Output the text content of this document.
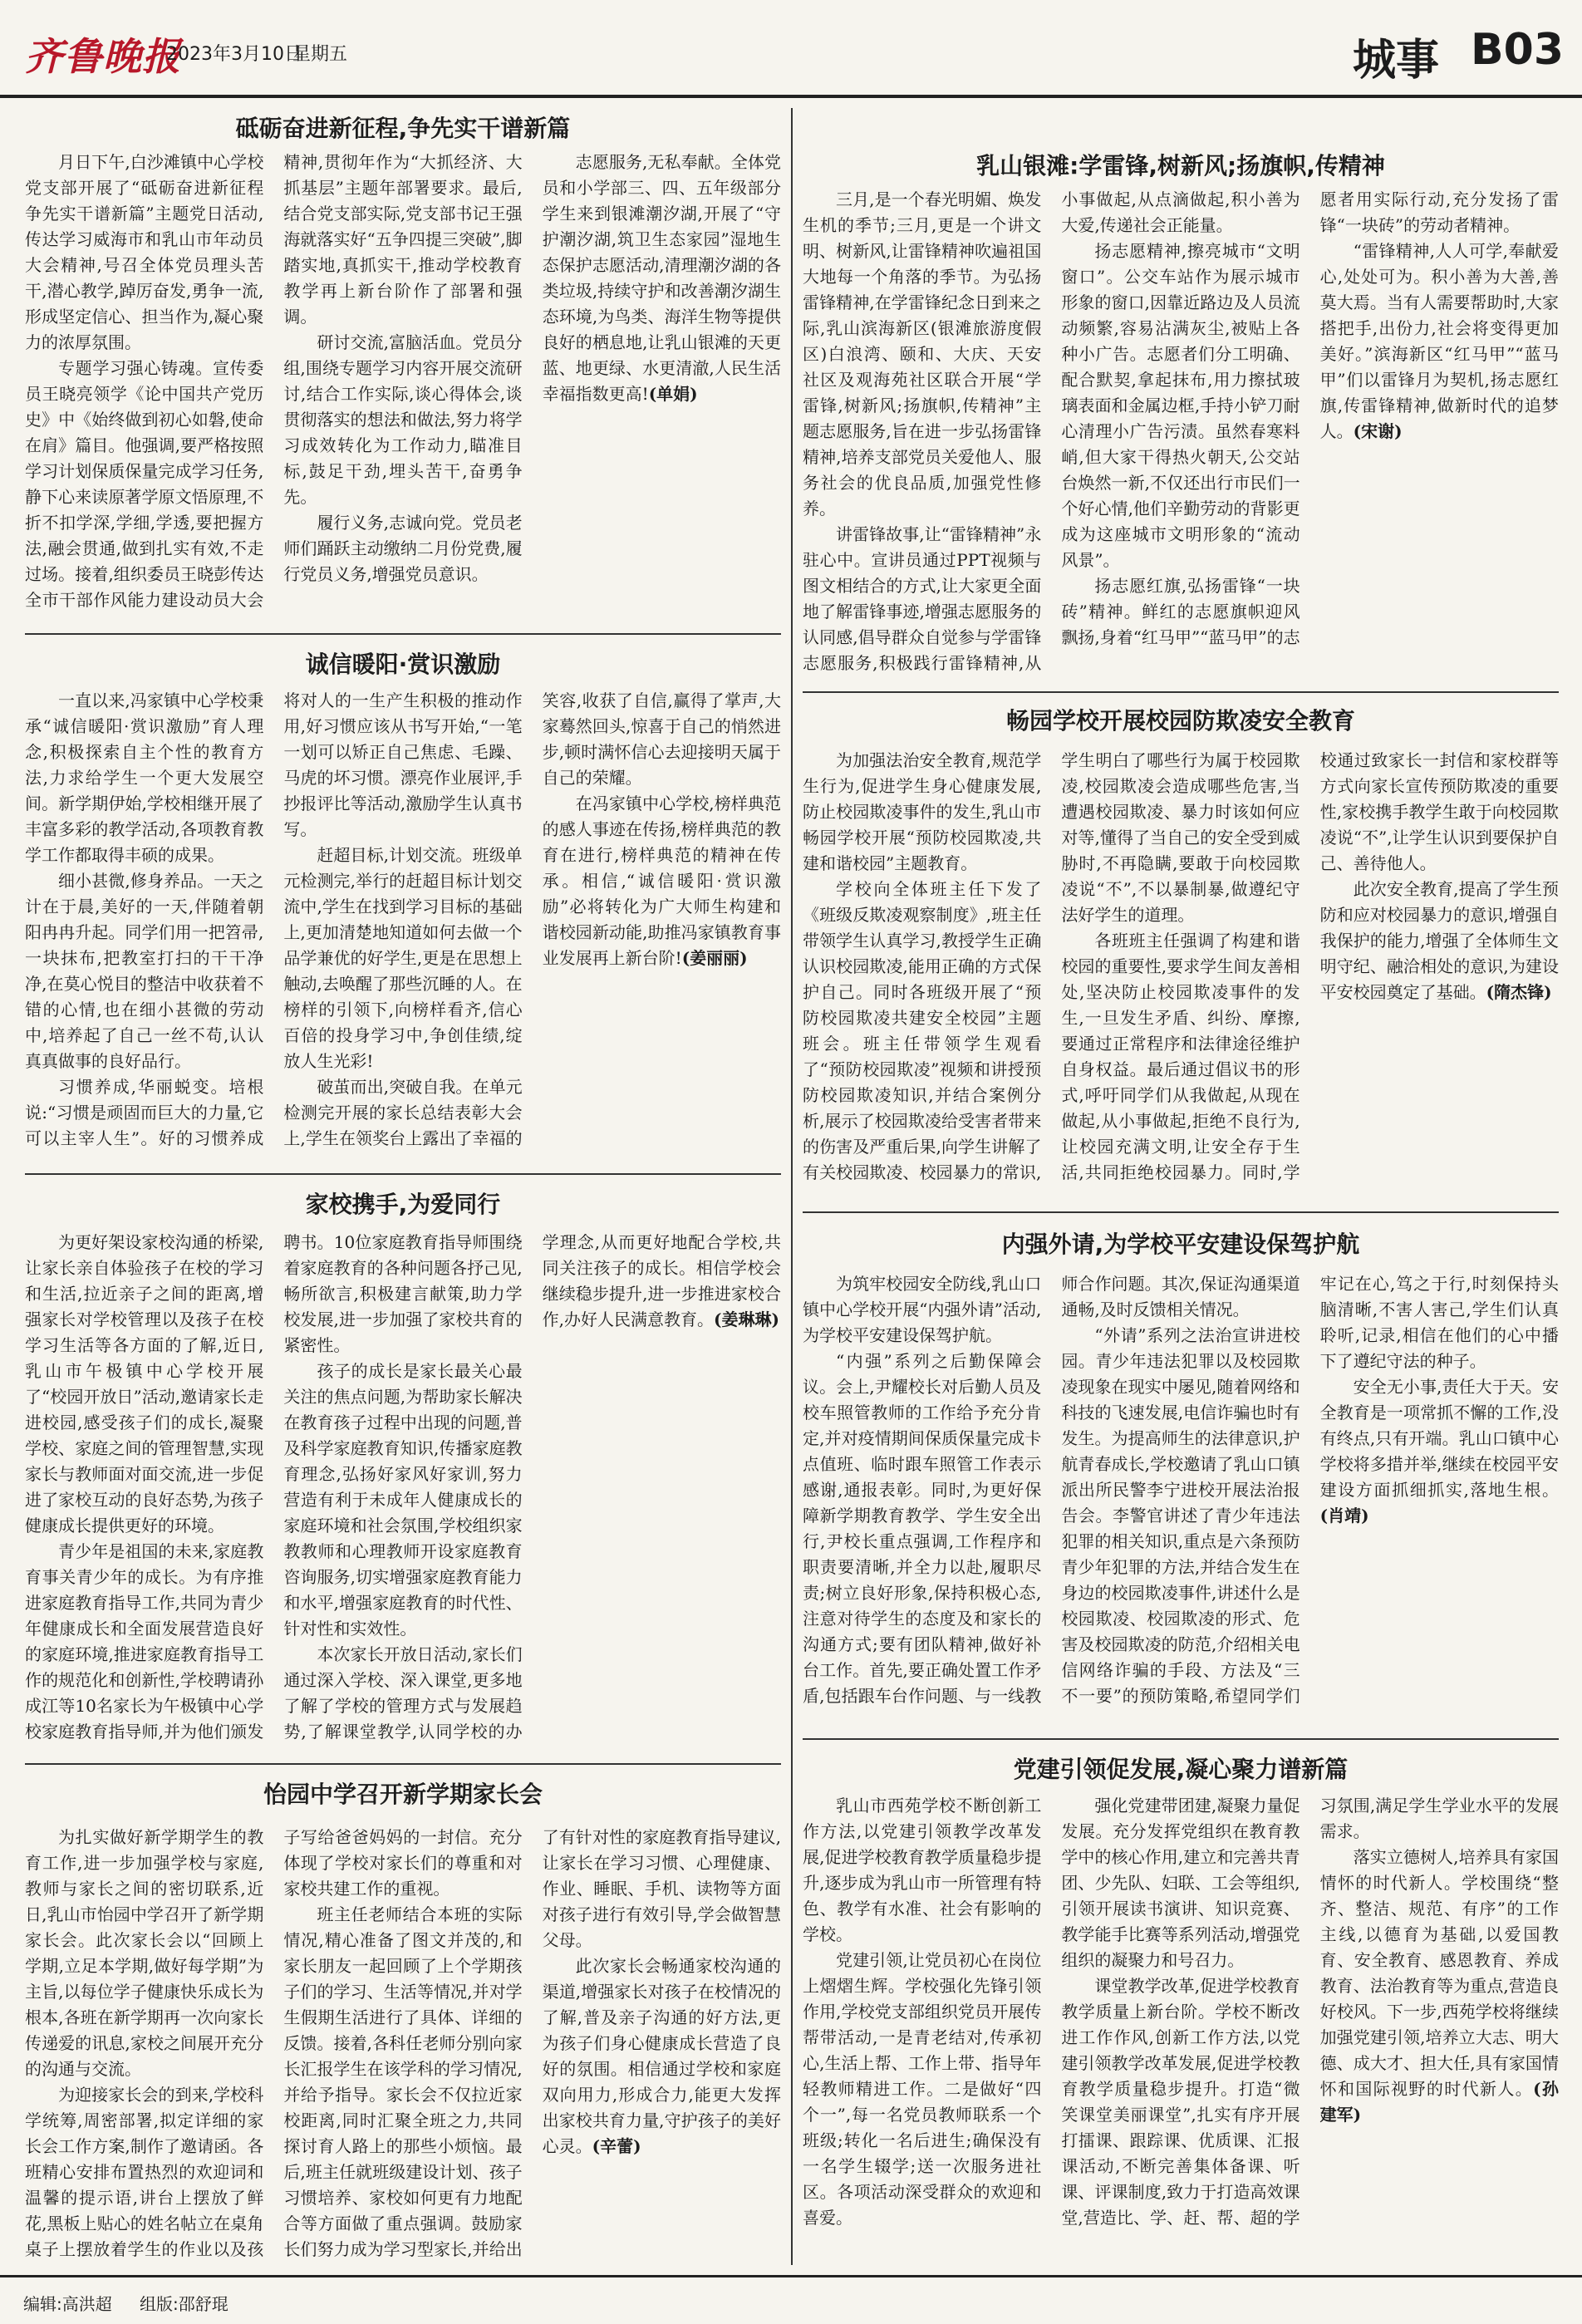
齐鲁晚报
2023年3月10日
星期五	城事 B03
砥砺奋进新征程,争先实干谱新篇

月日下午,白沙滩镇中心学校党支部开展了“砥砺奋进新征程争先实干谱新篇”主题党日活动,传达学习威海市和乳山市年动员大会精神,号召全体党员理头苦干,潜心教学,踔厉奋发,勇争一流,形成坚定信心、担当作为,凝心聚力的浓厚氛围。

专题学习强心铸魂。宣传委员王晓亮领学《论中国共产党历史》中《始终做到初心如磐,使命在肩》篇目。他强调,要严格按照学习计划保质保量完成学习任务,静下心来读原著学原文悟原理,不折不扣学深,学细,学透,要把握方法,融会贯通,做到扎实有效,不走过场。接着,组织委员王晓彭传达全市干部作风能力建设动员大会精神,贯彻年作为“大抓经济、大抓基层”主题年部署要求。最后,结合党支部实际,党支部书记王强海就落实好“五争四提三突破”,脚踏实地,真抓实干,推动学校教育教学再上新台阶作了部署和强调。

研讨交流,富脑活血。党员分组,围绕专题学习内容开展交流研讨,结合工作实际,谈心得体会,谈贯彻落实的想法和做法,努力将学习成效转化为工作动力,瞄准目标,鼓足干劲,埋头苦干,奋勇争先。

履行义务,志诚向党。党员老师们踊跃主动缴纳二月份党费,履行党员义务,增强党员意识。

志愿服务,无私奉献。全体党员和小学部三、四、五年级部分学生来到银滩潮汐湖,开展了“守护潮汐湖,筑卫生态家园”湿地生态保护志愿活动,清理潮汐湖的各类垃圾,持续守护和改善潮汐湖生态环境,为鸟类、海洋生物等提供良好的栖息地,让乳山银滩的天更蓝、地更绿、水更清澈,人民生活幸福指数更高!(单娟)

诚信暖阳·赏识激励

一直以来,冯家镇中心学校秉承“诚信暖阳·赏识激励”育人理念,积极探索自主个性的教育方法,力求给学生一个更大发展空间。新学期伊始,学校相继开展了丰富多彩的教学活动,各项教育教学工作都取得丰硕的成果。

细小甚微,修身养品。一天之计在于晨,美好的一天,伴随着朝阳冉冉升起。同学们用一把笤帚,一块抹布,把教室打扫的干干净净,在莫心悦目的整洁中收获着不错的心情,也在细小甚微的劳动中,培养起了自己一丝不苟,认认真真做事的良好品行。

习惯养成,华丽蜕变。培根说:“习惯是顽固而巨大的力量,它可以主宰人生”。好的习惯养成将对人的一生产生积极的推动作用,好习惯应该从书写开始,“一笔一划可以矫正自己焦虑、毛躁、马虎的坏习惯。漂亮作业展评,手抄报评比等活动,激励学生认真书写。

赶超目标,计划交流。班级单元检测完,举行的赶超目标计划交流中,学生在找到学习目标的基础上,更加清楚地知道如何去做一个品学兼优的好学生,更是在思想上触动,去唤醒了那些沉睡的人。在榜样的引领下,向榜样看齐,信心百倍的投身学习中,争创佳绩,绽放人生光彩!

破茧而出,突破自我。在单元检测完开展的家长总结表彰大会上,学生在领奖台上露出了幸福的笑容,收获了自信,赢得了掌声,大家蓦然回头,惊喜于自己的悄然进步,顿时满怀信心去迎接明天属于自己的荣耀。

在冯家镇中心学校,榜样典范的感人事迹在传扬,榜样典范的教育在进行,榜样典范的精神在传承。相信,“诚信暖阳·赏识激励”必将转化为广大师生构建和谐校园新动能,助推冯家镇教育事业发展再上新台阶!(姜丽丽)

家校携手,为爱同行

为更好架设家校沟通的桥梁,让家长亲自体验孩子在校的学习和生活,拉近亲子之间的距离,增强家长对学校管理以及孩子在校学习生活等各方面的了解,近日,乳山市午极镇中心学校开展了“校园开放日”活动,邀请家长走进校园,感受孩子们的成长,凝聚学校、家庭之间的管理智慧,实现家长与教师面对面交流,进一步促进了家校互动的良好态势,为孩子健康成长提供更好的环境。

青少年是祖国的未来,家庭教育事关青少年的成长。为有序推进家庭教育指导工作,共同为青少年健康成长和全面发展营造良好的家庭环境,推进家庭教育指导工作的规范化和创新性,学校聘请孙成江等10名家长为午极镇中心学校家庭教育指导师,并为他们颁发聘书。10位家庭教育指导师围绕着家庭教育的各种问题各抒己见,畅所欲言,积极建言献策,助力学校发展,进一步加强了家校共育的紧密性。

孩子的成长是家长最关心最关注的焦点问题,为帮助家长解决在教育孩子过程中出现的问题,普及科学家庭教育知识,传播家庭教育理念,弘扬好家风好家训,努力营造有利于未成年人健康成长的家庭环境和社会氛围,学校组织家教教师和心理教师开设家庭教育咨询服务,切实增强家庭教育能力和水平,增强家庭教育的时代性、针对性和实效性。

本次家长开放日活动,家长们通过深入学校、深入课堂,更多地了解了学校的管理方式与发展趋势,了解课堂教学,认同学校的办学理念,从而更好地配合学校,共同关注孩子的成长。相信学校会继续稳步提升,进一步推进家校合作,办好人民满意教育。(姜琳琳)

怡园中学召开新学期家长会

为扎实做好新学期学生的教育工作,进一步加强学校与家庭,教师与家长之间的密切联系,近日,乳山市怡园中学召开了新学期家长会。此次家长会以“回顾上学期,立足本学期,做好每学期”为主旨,以每位学子健康快乐成长为根本,各班在新学期再一次向家长传递爱的讯息,家校之间展开充分的沟通与交流。

为迎接家长会的到来,学校科学统筹,周密部署,拟定详细的家长会工作方案,制作了邀请函。各班精心安排布置热烈的欢迎词和温馨的提示语,讲台上摆放了鲜花,黑板上贴心的姓名帖立在桌角桌子上摆放着学生的作业以及孩子写给爸爸妈妈的一封信。充分体现了学校对家长们的尊重和对家校共建工作的重视。

班主任老师结合本班的实际情况,精心准备了图文并茂的,和家长朋友一起回顾了上个学期孩子们的学习、生活等情况,并对学生假期生活进行了具体、详细的反馈。接着,各科任老师分别向家长汇报学生在该学科的学习情况,并给予指导。家长会不仅拉近家校距离,同时汇聚全班之力,共同探讨育人路上的那些小烦恼。最后,班主任就班级建设计划、孩子习惯培养、家校如何更有力地配合等方面做了重点强调。鼓励家长们努力成为学习型家长,并给出了有针对性的家庭教育指导建议,让家长在学习习惯、心理健康、作业、睡眠、手机、读物等方面对孩子进行有效引导,学会做智慧父母。

此次家长会畅通家校沟通的渠道,增强家长对孩子在校情况的了解,普及亲子沟通的好方法,更为孩子们身心健康成长营造了良好的氛围。相信通过学校和家庭双向用力,形成合力,能更大发挥出家校共育力量,守护孩子的美好心灵。(辛蕾)

乳山银滩:学雷锋,树新风;扬旗帜,传精神

三月,是一个春光明媚、焕发生机的季节;三月,更是一个讲文明、树新风,让雷锋精神吹遍祖国大地每一个角落的季节。为弘扬雷锋精神,在学雷锋纪念日到来之际,乳山滨海新区(银滩旅游度假区)白浪湾、颐和、大庆、天安社区及观海苑社区联合开展“学雷锋,树新风;扬旗帜,传精神”主题志愿服务,旨在进一步弘扬雷锋精神,培养支部党员关爱他人、服务社会的优良品质,加强党性修养。

讲雷锋故事,让“雷锋精神”永驻心中。宣讲员通过PPT视频与图文相结合的方式,让大家更全面地了解雷锋事迹,增强志愿服务的认同感,倡导群众自觉参与学雷锋志愿服务,积极践行雷锋精神,从小事做起,从点滴做起,积小善为大爱,传递社会正能量。

扬志愿精神,擦亮城市“文明窗口”。公交车站作为展示城市形象的窗口,因靠近路边及人员流动频繁,容易沾满灰尘,被贴上各种小广告。志愿者们分工明确、配合默契,拿起抹布,用力擦拭玻璃表面和金属边框,手持小铲刀耐心清理小广告污渍。虽然春寒料峭,但大家干得热火朝天,公交站台焕然一新,不仅还出行市民们一个好心情,他们辛勤劳动的背影更成为这座城市文明形象的“流动风景”。

扬志愿红旗,弘扬雷锋“一块砖”精神。鲜红的志愿旗帜迎风飘扬,身着“红马甲”“蓝马甲”的志愿者用实际行动,充分发扬了雷锋“一块砖”的劳动者精神。

“雷锋精神,人人可学,奉献爱心,处处可为。积小善为大善,善莫大焉。当有人需要帮助时,大家搭把手,出份力,社会将变得更加美好。”滨海新区“红马甲”“蓝马甲”们以雷锋月为契机,扬志愿红旗,传雷锋精神,做新时代的追梦人。(宋谢)

畅园学校开展校园防欺凌安全教育

为加强法治安全教育,规范学生行为,促进学生身心健康发展,防止校园欺凌事件的发生,乳山市畅园学校开展“预防校园欺凌,共建和谐校园”主题教育。

学校向全体班主任下发了《班级反欺凌观察制度》,班主任带领学生认真学习,教授学生正确认识校园欺凌,能用正确的方式保护自己。同时各班级开展了“预防校园欺凌共建安全校园”主题班会。班主任带领学生观看了“预防校园欺凌”视频和讲授预防校园欺凌知识,并结合案例分析,展示了校园欺凌给受害者带来的伤害及严重后果,向学生讲解了有关校园欺凌、校园暴力的常识,学生明白了哪些行为属于校园欺凌,校园欺凌会造成哪些危害,当遭遇校园欺凌、暴力时该如何应对等,懂得了当自己的安全受到威胁时,不再隐瞒,要敢于向校园欺凌说“不”,不以暴制暴,做遵纪守法好学生的道理。

各班班主任强调了构建和谐校园的重要性,要求学生间友善相处,坚决防止校园欺凌事件的发生,一旦发生矛盾、纠纷、摩擦,要通过正常程序和法律途径维护自身权益。最后通过倡议书的形式,呼吁同学们从我做起,从现在做起,从小事做起,拒绝不良行为,让校园充满文明,让安全存于生活,共同拒绝校园暴力。同时,学校通过致家长一封信和家校群等方式向家长宣传预防欺凌的重要性,家校携手教学生敢于向校园欺凌说“不”,让学生认识到要保护自己、善待他人。

此次安全教育,提高了学生预防和应对校园暴力的意识,增强自我保护的能力,增强了全体师生文明守纪、融洽相处的意识,为建设平安校园奠定了基础。(隋杰锋)

内强外请,为学校平安建设保驾护航

为筑牢校园安全防线,乳山口镇中心学校开展“内强外请”活动,为学校平安建设保驾护航。

“内强”系列之后勤保障会议。会上,尹耀校长对后勤人员及校车照管教师的工作给予充分肯定,并对疫情期间保质保量完成卡点值班、临时跟车照管工作表示感谢,通报表彰。同时,为更好保障新学期教育教学、学生安全出行,尹校长重点强调,工作程序和职责要清晰,并全力以赴,履职尽责;树立良好形象,保持积极心态,注意对待学生的态度及和家长的沟通方式;要有团队精神,做好补台工作。首先,要正确处置工作矛盾,包括跟车台作问题、与一线教师合作问题。其次,保证沟通渠道通畅,及时反馈相关情况。

“外请”系列之法治宣讲进校园。青少年违法犯罪以及校园欺凌现象在现实中屡见,随着网络和科技的飞速发展,电信诈骗也时有发生。为提高师生的法律意识,护航青春成长,学校邀请了乳山口镇派出所民警李宁进校开展法治报告会。李警官讲述了青少年违法犯罪的相关知识,重点是六条预防青少年犯罪的方法,并结合发生在身边的校园欺凌事件,讲述什么是校园欺凌、校园欺凌的形式、危害及校园欺凌的防范,介绍相关电信网络诈骗的手段、方法及“三不一要”的预防策略,希望同学们牢记在心,笃之于行,时刻保持头脑清晰,不害人害己,学生们认真聆听,记录,相信在他们的心中播下了遵纪守法的种子。

安全无小事,责任大于天。安全教育是一项常抓不懈的工作,没有终点,只有开端。乳山口镇中心学校将多措并举,继续在校园平安建设方面抓细抓实,落地生根。(肖靖)

党建引领促发展,凝心聚力谱新篇

乳山市西苑学校不断创新工作方法,以党建引领教学改革发展,促进学校教育教学质量稳步提升,逐步成为乳山市一所管理有特色、教学有水准、社会有影响的学校。

党建引领,让党员初心在岗位上熠熠生辉。学校强化先锋引领作用,学校党支部组织党员开展传帮带活动,一是青老结对,传承初心,生活上帮、工作上带、指导年轻教师精进工作。二是做好“四个一”,每一名党员教师联系一个班级;转化一名后进生;确保没有一名学生辍学;送一次服务进社区。各项活动深受群众的欢迎和喜爱。

强化党建带团建,凝聚力量促发展。充分发挥党组织在教育教学中的核心作用,建立和完善共青团、少先队、妇联、工会等组织,引领开展读书演讲、知识竞赛、教学能手比赛等系列活动,增强党组织的凝聚力和号召力。

课堂教学改革,促进学校教育教学质量上新台阶。学校不断改进工作作风,创新工作方法,以党建引领教学改革发展,促进学校教育教学质量稳步提升。打造“微笑课堂美丽课堂”,扎实有序开展打擂课、跟踪课、优质课、汇报课活动,不断完善集体备课、听课、评课制度,致力于打造高效课堂,营造比、学、赶、帮、超的学习氛围,满足学生学业水平的发展需求。

落实立德树人,培养具有家国情怀的时代新人。学校围绕“整齐、整洁、规范、有序”的工作主线,以德育为基础,以爱国教育、安全教育、感恩教育、养成教育、法治教育等为重点,营造良好校风。下一步,西苑学校将继续加强党建引领,培养立大志、明大德、成大才、担大任,具有家国情怀和国际视野的时代新人。(孙建军)

编辑:高洪超 组版:邵舒琨
